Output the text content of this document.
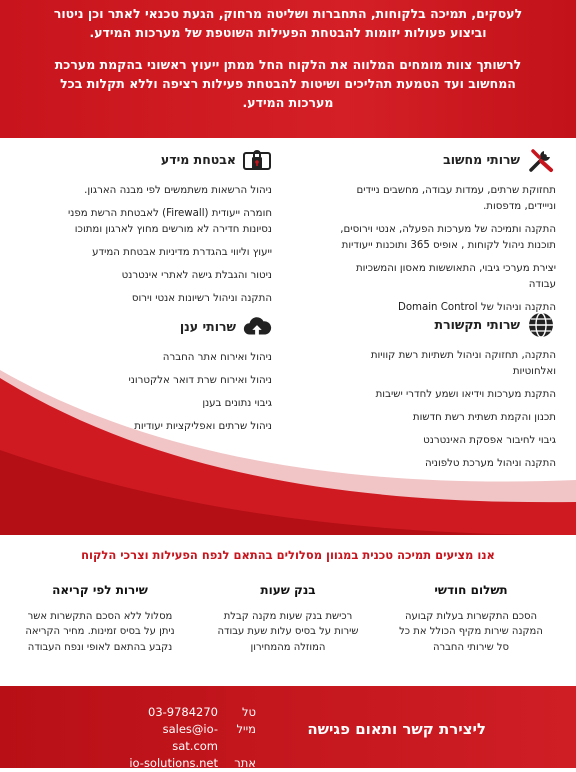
לעסקים, תמיכה בלקוחות, התחברות ושליטה מרחוק, הגעת טכנאי לאתר וכן ניטור וביצוע פעולות יזומות להבטחת הפעילות השוטפת של מערכות המידע.

לרשותך צוות מומחים המלווה את הלקוח החל ממתן ייעוץ ראשוני בהקמת מערכת המחשוב ועד הטמעת תהליכים ושיטות להבטחת פעילות רציפה וללא תקלות בכל מערכות המידע.

שרותי מחשוב
תחזוקת שרתים, עמדות עבודה, מחשבים ניידים ונייידים, מדפסות.
התקנה ותמיכה של מערכות הפעלה, אנטי וירוסים, תוכנות ניהול לקוחות , אופיס 365 ותוכנות ייעודיות
יצירת מערכי גיבוי, התאוששות מאסון והמשכיות עבודה
התקנה וניהול של Domain Control
אבטחת מידע
ניהול הרשאות משתמשים לפי מבנה הארגון.
חומרה ייעודית (Firewall) לאבטחת הרשת מפני נסיונות חדירה לא מורשים מחוץ לארגון ומתוכו
ייעוץ וליווי בהגדרת מדיניות אבטחת המידע
ניטור והגבלת גישה לאתרי אינטרנט
התקנה וניהול רשיונות אנטי וירוס
שרותי תקשורת
התקנה, תחזוקה וניהול תשתיות רשת קוויות ואלחוטיות
התקנת מערכות וידיאו ושמע לחדרי ישיבות
תכנון והקמת תשתית רשת חדשות
גיבוי לחיבור אפסקת האינטרנט
התקנה וניהול מערכת טלפוניה
שרותי ענן
ניהול ואירוח אתר החברה
ניהול ואירוח שרת דואר אלקטרוני
גיבוי נתונים בענן
ניהול שרתים ואפליקציות יעודיות
אנו מציעים תמיכה טכנית במגוון מסלולים בהתאם לנפח הפעילות וצרכי הלקוח
תשלום חודשי
הסכם התקשרות בעלות קבועה המקנה שירות מקיף הכולל את כל סל שירותי החברה
בנק שעות
רכישת בנק שעות מקנה קבלת שירות על בסיס עלות שעת עבודה המוזלה מהמחירון
שירות לפי קריאה
מסלול ללא הסכם התקשרות אשר ניתן על בסיס זמינות. מחיר הקריאה נקבע בהתאם לאופי ונפח העבודה
ליצירת קשר ותאום פגישה
טל
03-9784270
מייל
sales@io-sat.com
אתר
io-solutions.net
